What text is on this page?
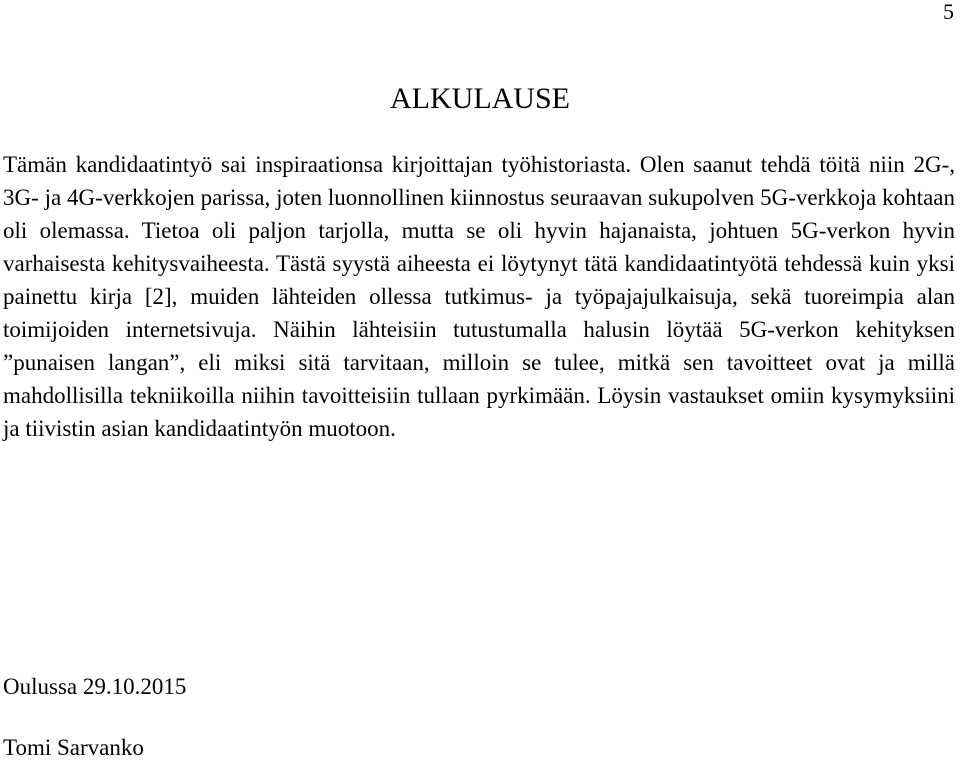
5
ALKULAUSE

Tämän kandidaatintyö sai inspiraationsa kirjoittajan työhistoriasta. Olen saanut tehdä töitä niin 2G-, 3G- ja 4G-verkkojen parissa, joten luonnollinen kiinnostus seuraavan sukupolven 5G-verkkoja kohtaan oli olemassa. Tietoa oli paljon tarjolla, mutta se oli hyvin hajanaista, johtuen 5G-verkon hyvin varhaisesta kehitysvaiheesta. Tästä syystä aiheesta ei löytynyt tätä kandidaatintyötä tehdessä kuin yksi painettu kirja [2], muiden lähteiden ollessa tutkimus- ja työpajajulkaisuja, sekä tuoreimpia alan toimijoiden internetsivuja. Näihin lähteisiin tutustumalla halusin löytää 5G-verkon kehityksen ”punaisen langan”, eli miksi sitä tarvitaan, milloin se tulee, mitkä sen tavoitteet ovat ja millä mahdollisilla tekniikoilla niihin tavoitteisiin tullaan pyrkimään. Löysin vastaukset omiin kysymyksiini ja tiivistin asian kandidaatintyön muotoon.

Oulussa 29.10.2015
Tomi Sarvanko
